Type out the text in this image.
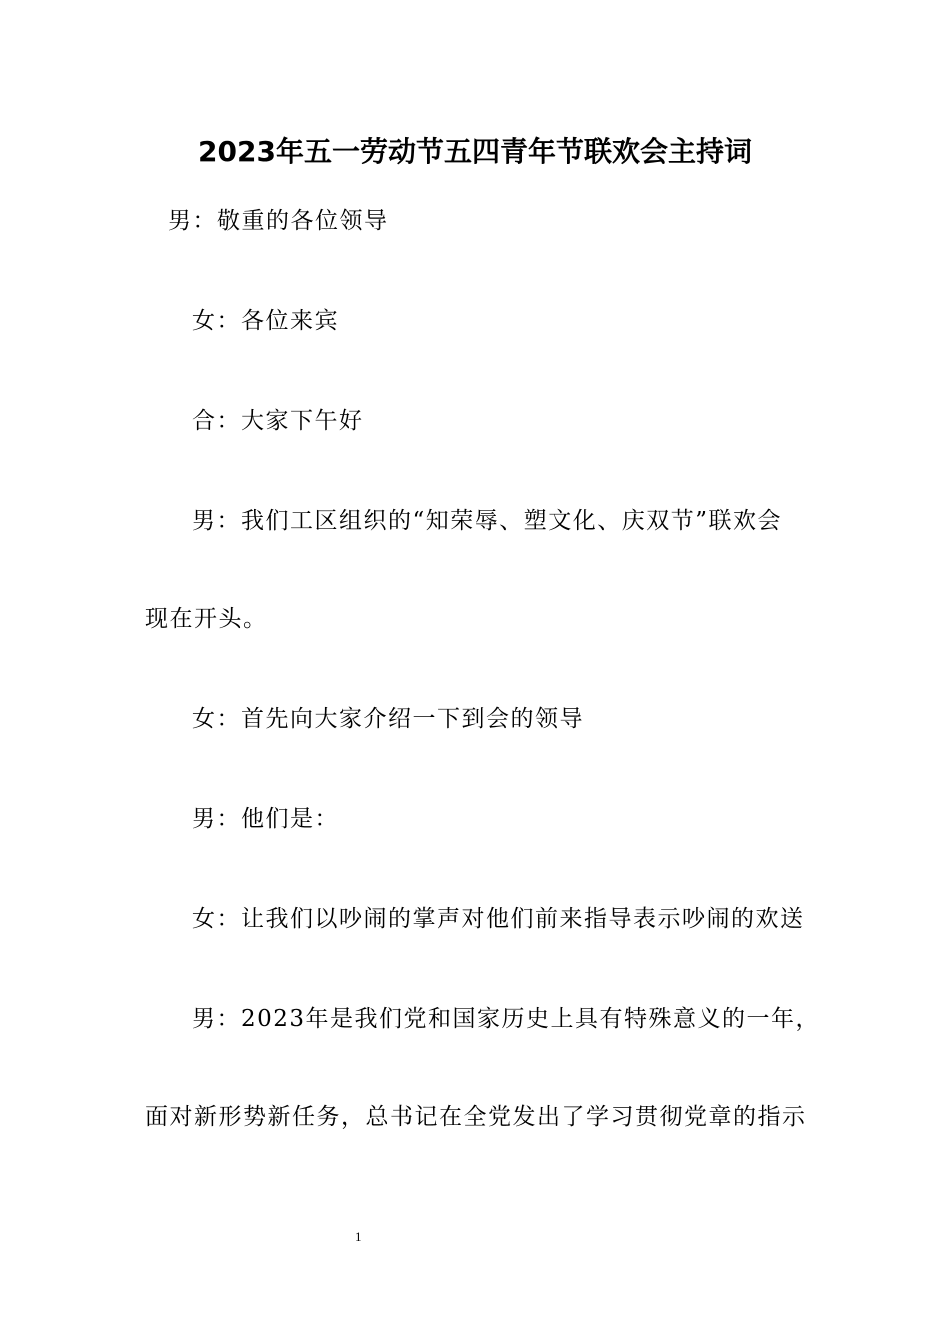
2023年五一劳动节五四青年节联欢会主持词
男：敬重的各位领导
女：各位来宾
合：大家下午好
男：我们工区组织的“知荣辱、塑文化、庆双节”联欢会
现在开头。
女：首先向大家介绍一下到会的领导
男：他们是：
女：让我们以吵闹的掌声对他们前来指导表示吵闹的欢送
男：2023年是我们党和国家历史上具有特殊意义的一年，
面对新形势新任务，总书记在全党发出了学习贯彻党章的指示
1
